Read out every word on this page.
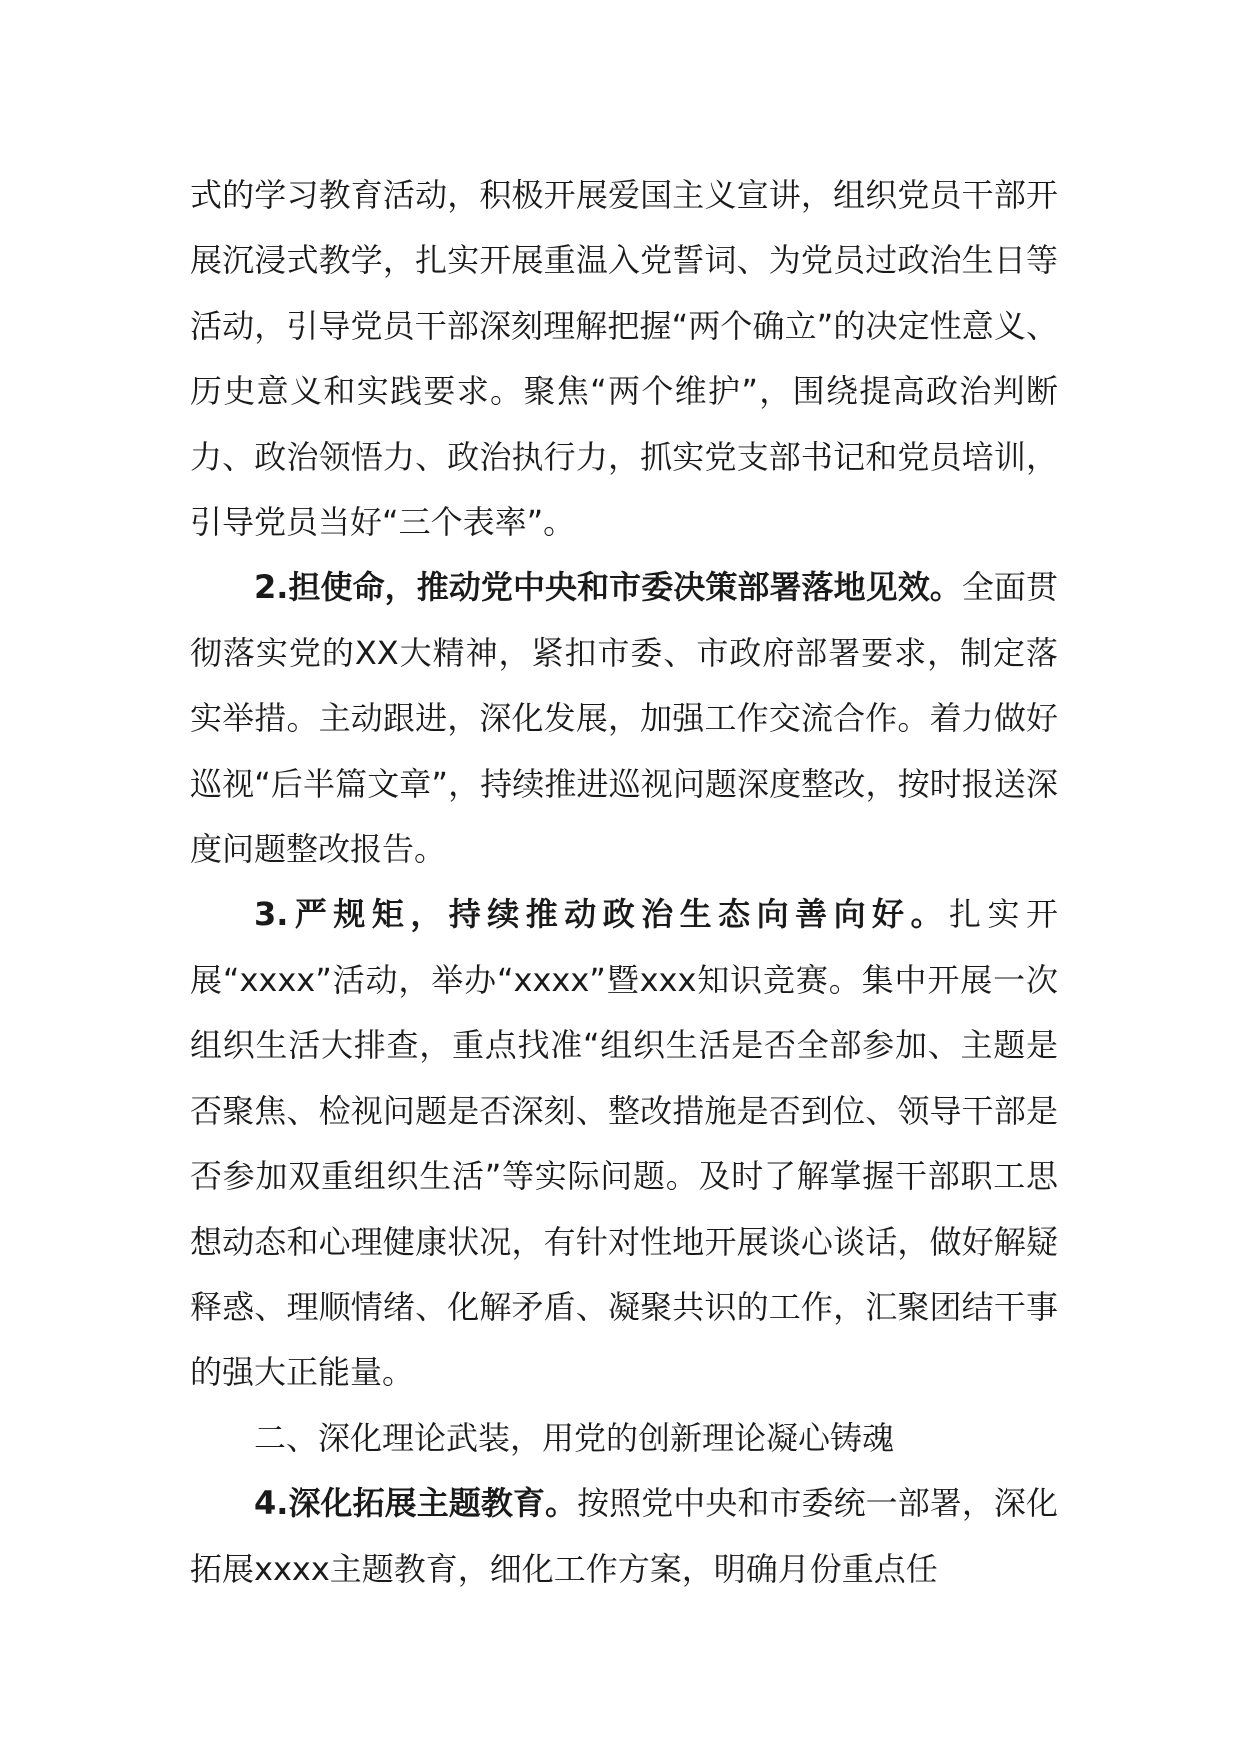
式的学习教育活动，积极开展爱国主义宣讲，组织党员干部开展沉浸式教学，扎实开展重温入党誓词、为党员过政治生日等活动，引导党员干部深刻理解把握“两个确立”的决定性意义、历史意义和实践要求。聚焦“两个维护”，围绕提高政治判断力、政治领悟力、政治执行力，抓实党支部书记和党员培训，引导党员当好“三个表率”。

2.担使命，推动党中央和市委决策部署落地见效。全面贯彻落实党的XX大精神，紧扣市委、市政府部署要求，制定落实举措。主动跟进，深化发展，加强工作交流合作。着力做好巡视“后半篇文章”，持续推进巡视问题深度整改，按时报送深度问题整改报告。

3.严规矩，持续推动政治生态向善向好。扎实开展“xxxx”活动，举办“xxxx”暨xxx知识竞赛。集中开展一次组织生活大排查，重点找准“组织生活是否全部参加、主题是否聚焦、检视问题是否深刻、整改措施是否到位、领导干部是否参加双重组织生活”等实际问题。及时了解掌握干部职工思想动态和心理健康状况，有针对性地开展谈心谈话，做好解疑释惑、理顺情绪、化解矛盾、凝聚共识的工作，汇聚团结干事的强大正能量。

二、深化理论武装，用党的创新理论凝心铸魂

4.深化拓展主题教育。按照党中央和市委统一部署，深化拓展xxxx主题教育，细化工作方案，明确月份重点任
